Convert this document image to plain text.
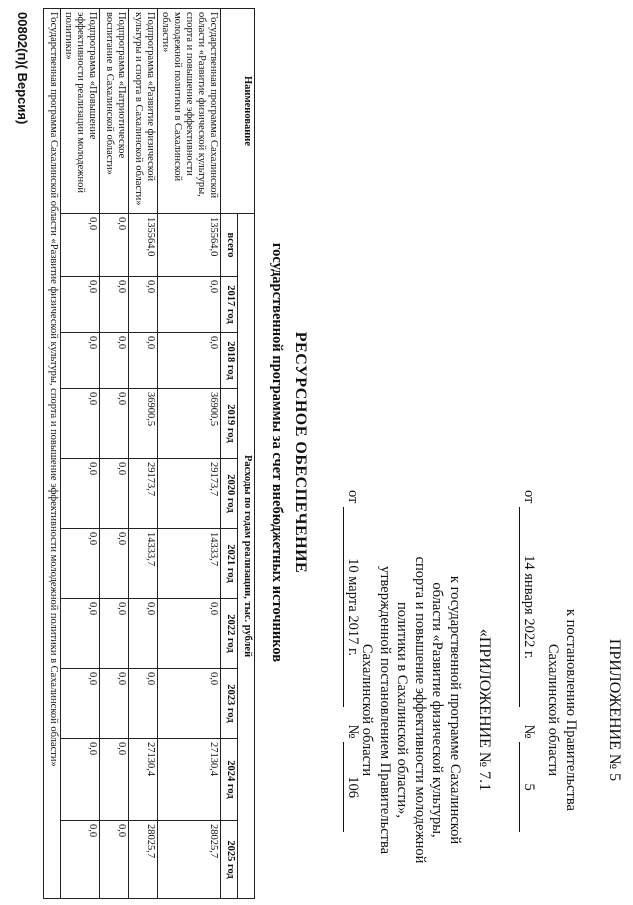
ПРИЛОЖЕНИЕ № 5
к постановлению Правительства
Сахалинской области
от 14 января 2022 г. № 5
«ПРИЛОЖЕНИЕ № 7.1
к государственной программе Сахалинской
области «Развитие физической культуры,
спорта и повышение эффективности молодежной
политики в Сахалинской области»,
утвержденной постановлением Правительства
Сахалинской области
от 10 марта 2017 г. № 106
РЕСУРСНОЕ ОБЕСПЕЧЕНИЕ
государственной программы за счет внебюджетных источников
Наименование	Расходы по годам реализации, тыс. рублей									
	всего	2017 год	2018 год	2019 год	2020 год	2021 год	2022 год	2023 год	2024 год	2025 год
Государственная программа Сахалинской области «Развитие физической культуры, спорта и повышение эффективности молодежной политики в Сахалинской области»	135564,0	0,0	0,0	36900,5	29173,7	14333,7	0,0	0,0	27130,4	28025,7
Подпрограмма «Развитие физической культуры и спорта в Сахалинской области»	135564,0	0,0	0,0	36900,5	29173,7	14333,7	0,0	0,0	27130,4	28025,7
Подпрограмма «Патриотическое воспитание в Сахалинской области»	0,0	0,0	0,0	0,0	0,0	0,0	0,0	0,0	0,0	0,0
Подпрограмма «Повышение эффективности реализации молодежной политики»	0,0	0,0	0,0	0,0	0,0	0,0	0,0	0,0	0,0	0,0
Государственная программа Сахалинской области «Развитие физической культуры, спорта и повышение эффективности молодежной политики в Сахалинской области»										
00802(п)( Версия)
